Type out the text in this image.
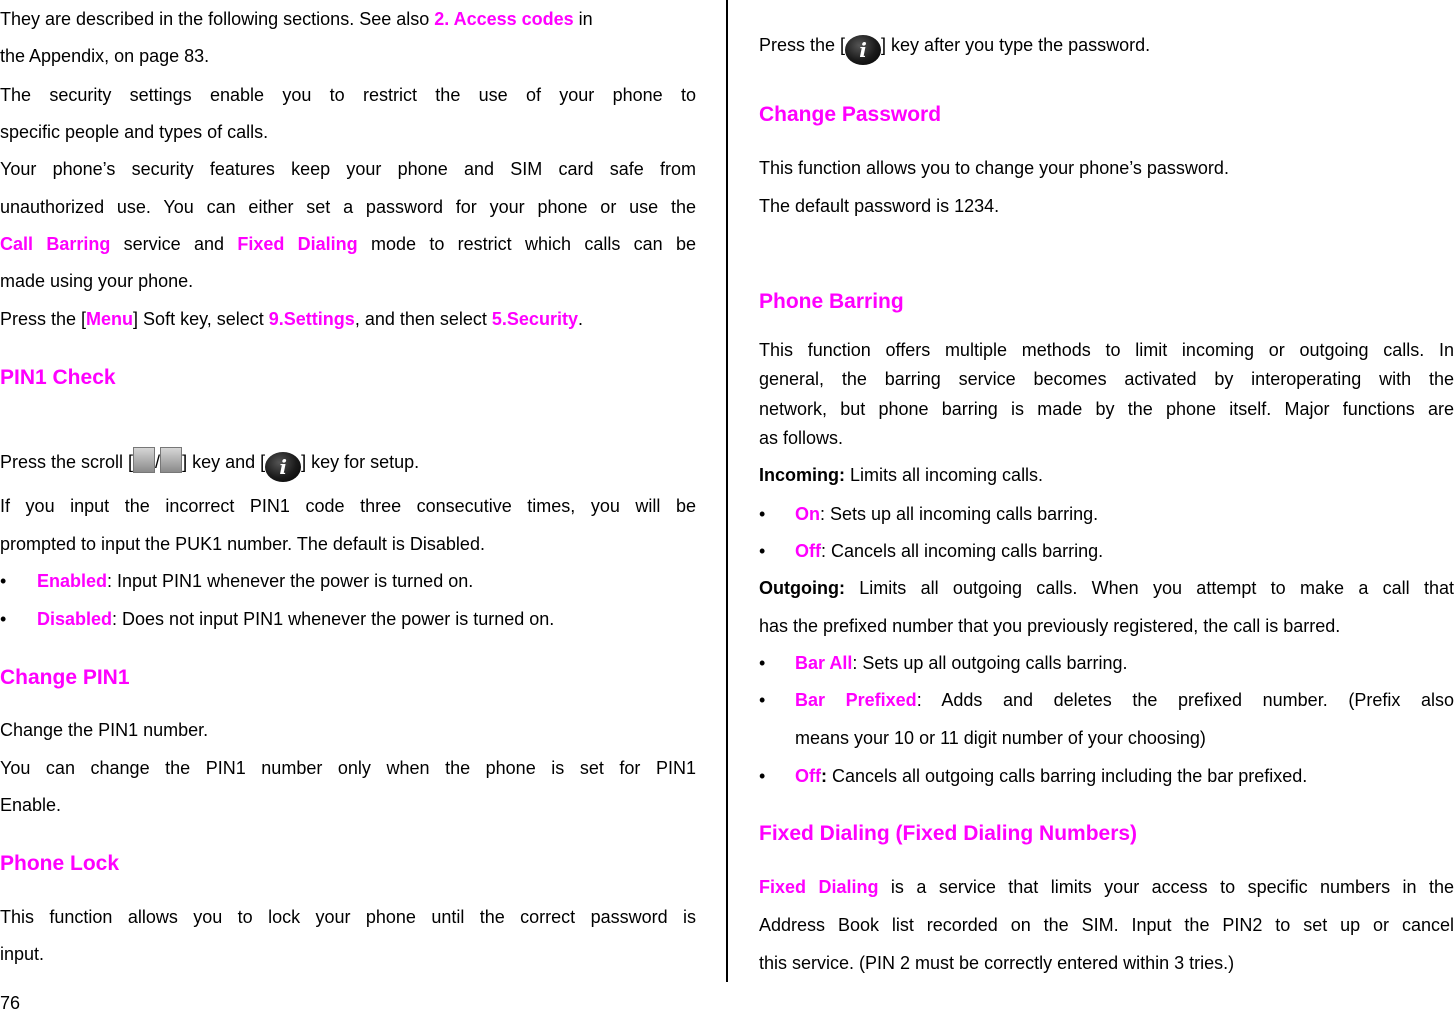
They are described in the following sections. See also 2. Access codes in
the Appendix, on page 83.
The security settings enable you to restrict the use of your phone to
specific people and types of calls.
Your phone’s security features keep your phone and SIM card safe from
unauthorized use. You can either set a password for your phone or use the
Call Barring service and Fixed Dialing mode to restrict which calls can be
made using your phone.
Press the [Menu] Soft key, select 9.Settings, and then select 5.Security.
PIN1 Check
Press the scroll [ / ] key and [ i ] key for setup.
If you input the incorrect PIN1 code three consecutive times, you will be
prompted to input the PUK1 number. The default is Disabled.
• Enabled: Input PIN1 whenever the power is turned on.
• Disabled: Does not input PIN1 whenever the power is turned on.
Change PIN1
Change the PIN1 number.
You can change the PIN1 number only when the phone is set for PIN1
Enable.
Phone Lock
This function allows you to lock your phone until the correct password is
input.
Press the [ i ] key after you type the password.
Change Password
This function allows you to change your phone’s password.
The default password is 1234.
Phone Barring
This function offers multiple methods to limit incoming or outgoing calls. In
general, the barring service becomes activated by interoperating with the
network, but phone barring is made by the phone itself. Major functions are
as follows.
Incoming: Limits all incoming calls.
• On: Sets up all incoming calls barring.
• Off: Cancels all incoming calls barring.
Outgoing: Limits all outgoing calls. When you attempt to make a call that
has the prefixed number that you previously registered, the call is barred.
• Bar All: Sets up all outgoing calls barring.
• Bar  Prefixed:  Adds  and  deletes  the  prefixed  number.  (Prefix  also
means your 10 or 11 digit number of your choosing)
• Off: Cancels all outgoing calls barring including the bar prefixed.
Fixed Dialing (Fixed Dialing Numbers)
Fixed Dialing is a service that limits your access to specific numbers in the
Address Book list recorded on the SIM. Input the PIN2 to set up or cancel
this service. (PIN 2 must be correctly entered within 3 tries.)
76
